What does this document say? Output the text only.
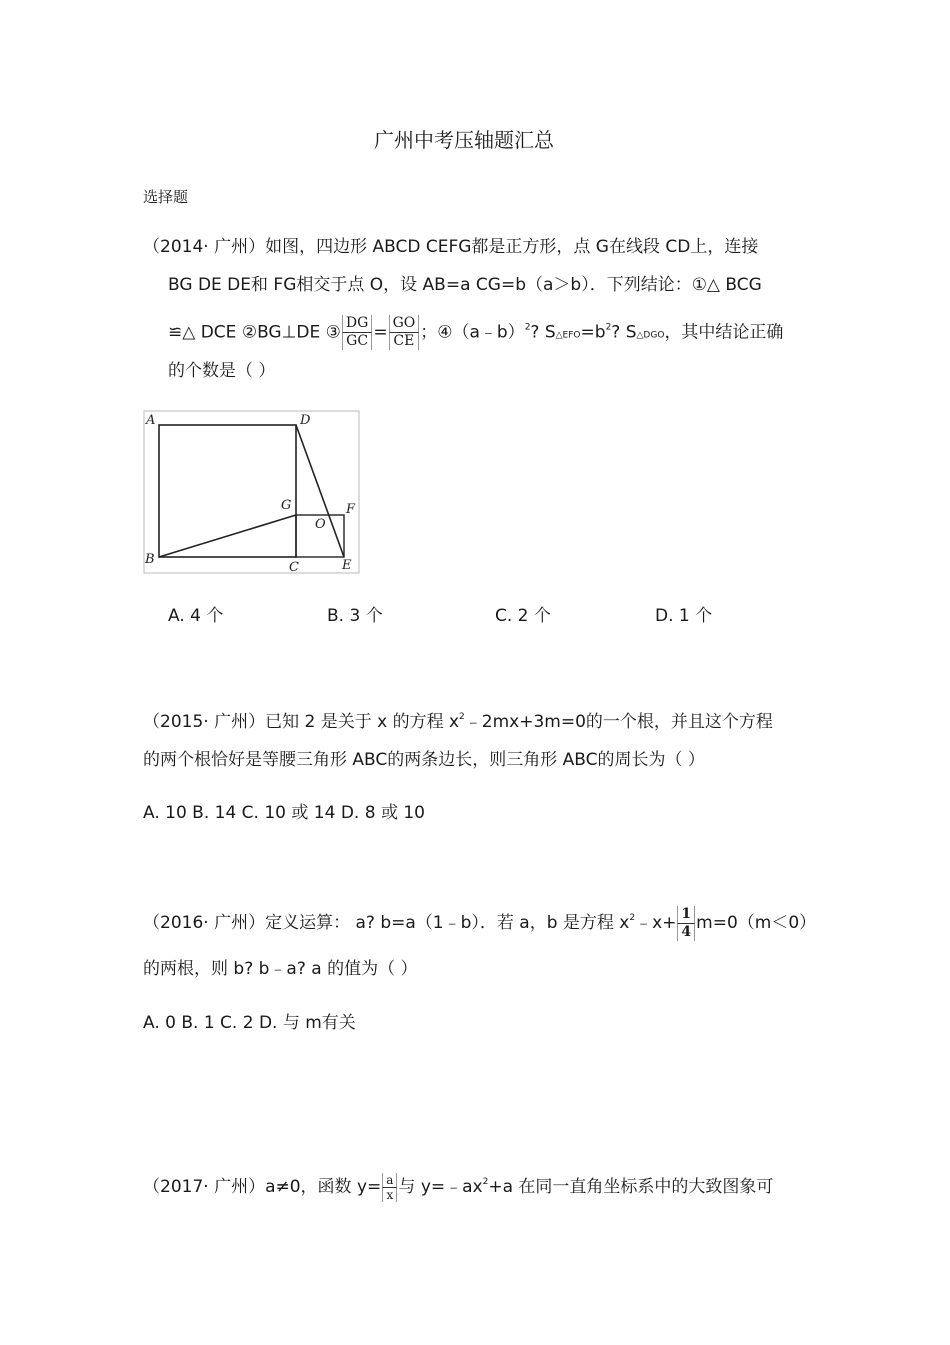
广州中考压轴题汇总
选择题
（2014· 广州）如图，四边形 ABCD CEFG都是正方形，点 G在线段 CD上，连接
BG DE DE和 FG相交于点 O，设 AB=a CG=b（a＞b）．下列结论：①△ BCG
≌△ DCE ②BG⊥DE ③ $\frac{DG}{GC} = \frac{GO}{CE}$ ；④（a﹣b）$^2$? $S\triangle EFO=b^2$? S△DGO，其中结论正确
的个数是（ ）
A	D
G
O
F
B
C	E
A. 4 个	B. 3 个	C. 2 个	D. 1 个
（2015· 广州）已知 2 是关于 x 的方程 $x^2﹣2mx+3m=0$的一个根，并且这个方程
的两个根恰好是等腰三角形 ABC的两条边长，则三角形 ABC的周长为（ ）
A. 10 B. 14 C. 10 或 14 D. 8 或 10
（2016· 广州）定义运算： a? b=a（1﹣b）．若 a，b 是方程 $x^2﹣x+ \frac{1}{4} m=0(m<0)$
的两根，则 b? b﹣a? a 的值为（ ）
A. 0 B. 1 C. 2 D. 与 m有关
（2017· 广州）a≠0，函数 $y= \frac{a}{x}$ 与 $y=﹣ax^2+a$ 在同一直角坐标系中的大致图象可
